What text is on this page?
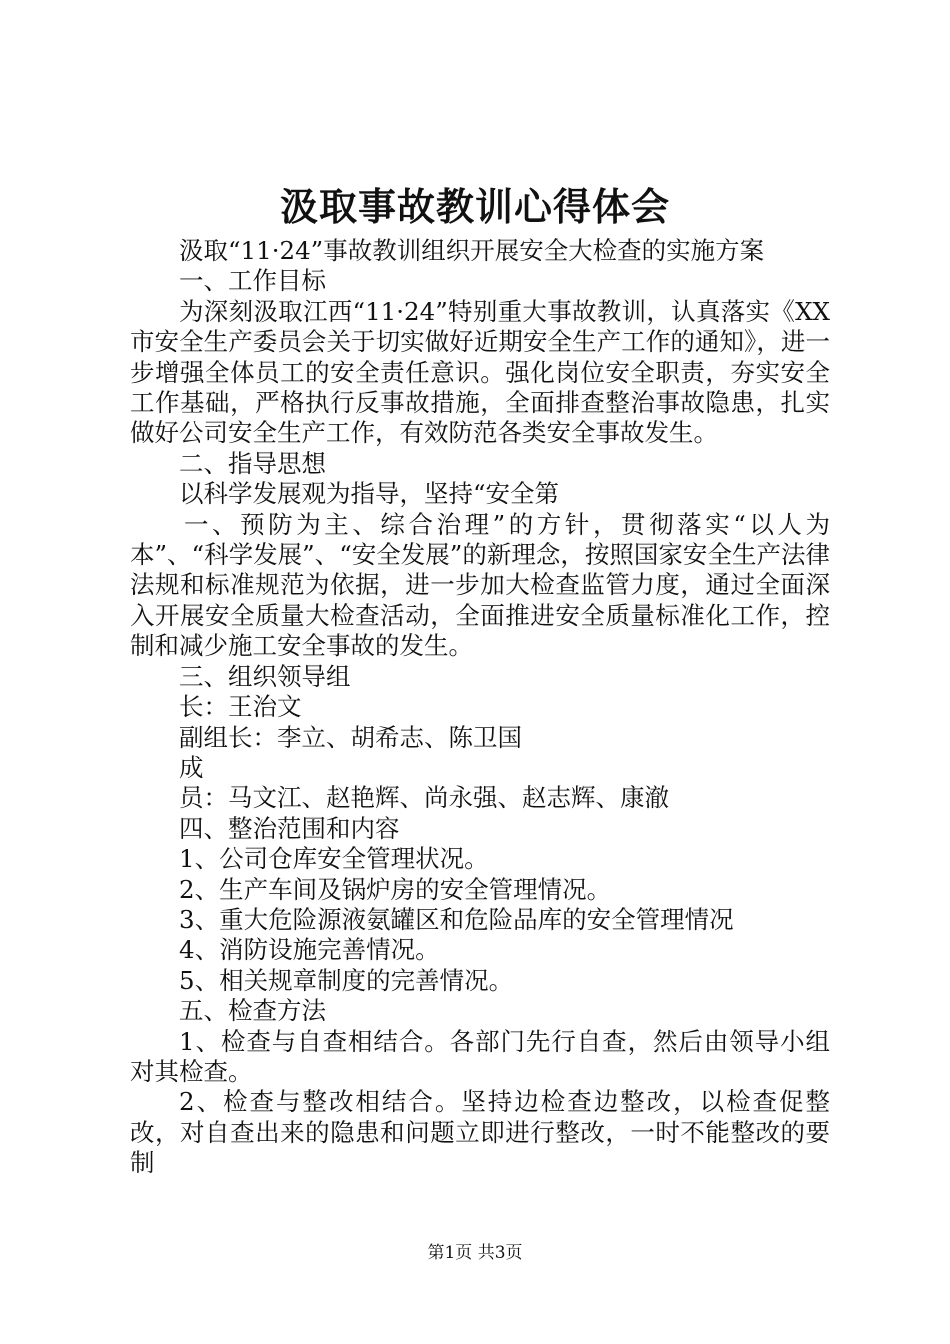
汲取事故教训心得体会

汲取“11·24”事故教训组织开展安全大检查的实施方案

一、工作目标

为深刻汲取江西“11·24”特别重大事故教训，认真落实《XX市安全生产委员会关于切实做好近期安全生产工作的通知》，进一步增强全体员工的安全责任意识。强化岗位安全职责，夯实安全工作基础，严格执行反事故措施，全面排查整治事故隐患，扎实做好公司安全生产工作，有效防范各类安全事故发生。

二、指导思想

以科学发展观为指导，坚持“安全第

一、预防为主、综合治理”的方针，贯彻落实“以人为本”、“科学发展”、“安全发展”的新理念，按照国家安全生产法律法规和标准规范为依据，进一步加大检查监管力度，通过全面深入开展安全质量大检查活动，全面推进安全质量标准化工作，控制和减少施工安全事故的发生。

三、组织领导组

长：王治文

副组长：李立、胡希志、陈卫国

成

员：马文江、赵艳辉、尚永强、赵志辉、康澈

四、整治范围和内容

1、公司仓库安全管理状况。

2、生产车间及锅炉房的安全管理情况。

3、重大危险源液氨罐区和危险品库的安全管理情况

4、消防设施完善情况。

5、相关规章制度的完善情况。

五、检查方法

1、检查与自查相结合。各部门先行自查，然后由领导小组对其检查。

2、检查与整改相结合。坚持边检查边整改，以检查促整改，对自查出来的隐患和问题立即进行整改，一时不能整改的要制

第1页 共3页
